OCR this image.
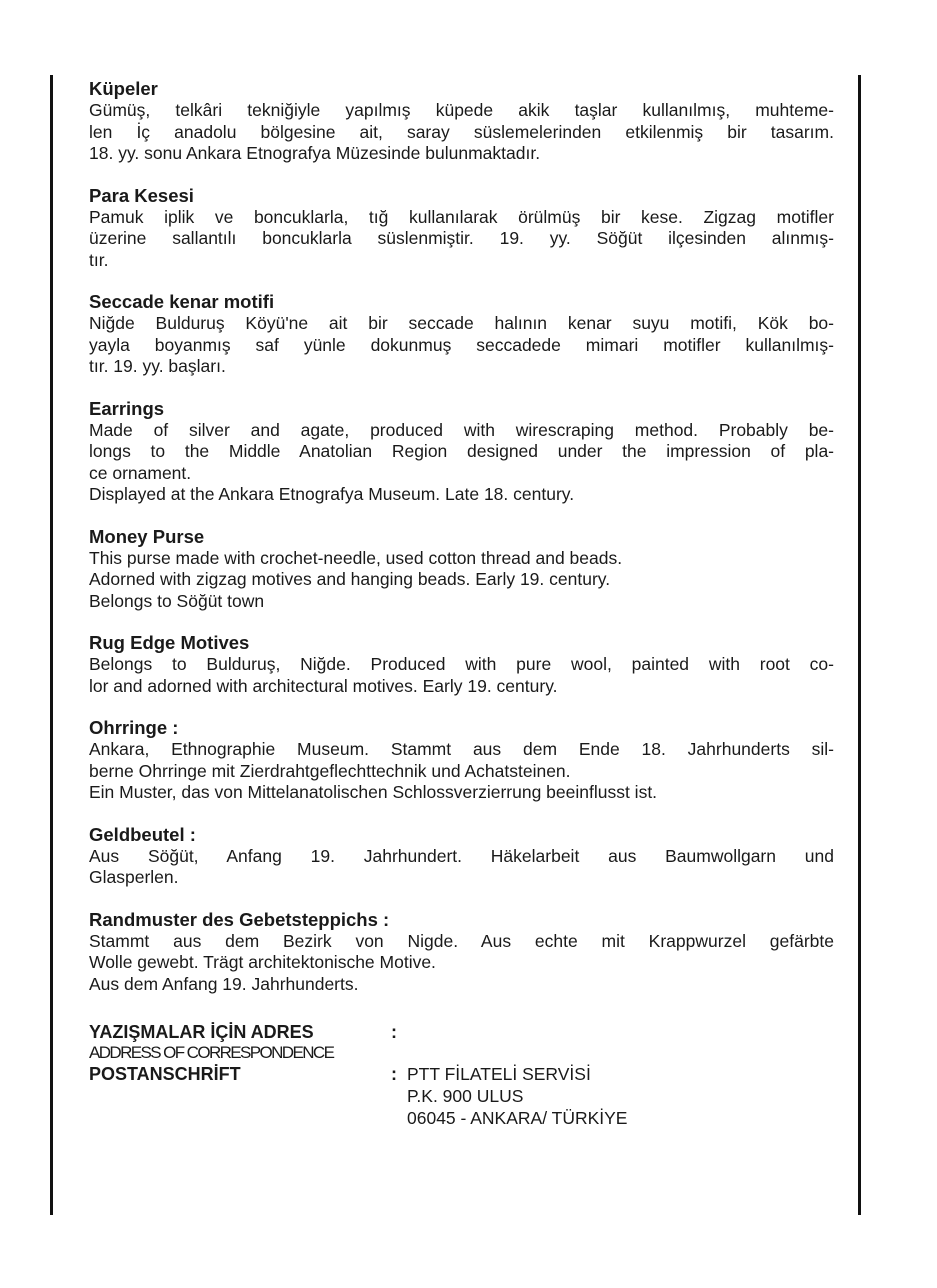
Küpeler

Gümüş, telkâri tekniğiyle yapılmış küpede akik taşlar kullanılmış, muhteme-

len İç anadolu bölgesine ait, saray süslemelerinden etkilenmiş bir tasarım.

18. yy. sonu Ankara Etnografya Müzesinde bulunmaktadır.

Para Kesesi

Pamuk iplik ve boncuklarla, tığ kullanılarak örülmüş bir kese. Zigzag motifler

üzerine sallantılı boncuklarla süslenmiştir. 19. yy. Söğüt ilçesinden alınmış-

tır.

Seccade kenar motifi

Niğde Bulduruş Köyü'ne ait bir seccade halının kenar suyu motifi, Kök bo-

yayla boyanmış saf yünle dokunmuş seccadede mimari motifler kullanılmış-

tır. 19. yy. başları.

Earrings

Made of silver and agate, produced with wirescraping method. Probably be-

longs to the Middle Anatolian Region designed under the impression of pla-

ce ornament.

Displayed at the Ankara Etnografya Museum. Late 18. century.

Money Purse

This purse made with crochet-needle, used cotton thread and beads.

Adorned with zigzag motives and hanging beads. Early 19. century.

Belongs to Söğüt town

Rug Edge Motives

Belongs to Bulduruş, Niğde. Produced with pure wool, painted with root co-

lor and adorned with architectural motives. Early 19. century.

Ohrringe :

Ankara, Ethnographie Museum. Stammt aus dem Ende 18. Jahrhunderts sil-

berne Ohrringe mit Zierdrahtgeflechttechnik und Achatsteinen.

Ein Muster, das von Mittelanatolischen Schlossverzierrung beeinflusst ist.

Geldbeutel :

Aus Söğüt, Anfang 19. Jahrhundert. Häkelarbeit aus Baumwollgarn und

Glasperlen.

Randmuster des Gebetsteppichs :

Stammt aus dem Bezirk von Nigde. Aus echte mit Krappwurzel gefärbte

Wolle gewebt. Trägt architektonische Motive.

Aus dem Anfang 19. Jahrhunderts.

YAZIŞMALAR İÇİN ADRES	:
ADDRESS OF CORRESPONDENCE
POSTANSCHRİFT	: PTT FİLATELİ SERVİSİ
P.K. 900 ULUS
06045 - ANKARA/ TÜRKİYE
